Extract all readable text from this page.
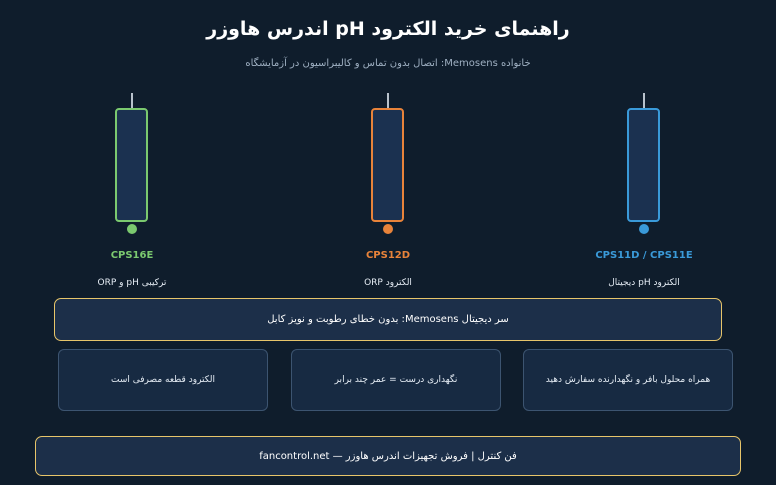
راهنمای خرید الکترود pH اندرس هاوزر
خانواده Memosens: اتصال بدون تماس و کالیبراسیون در آزمایشگاه
CPS16E
ترکیبی pH و ORP
CPS12D
الکترود ORP
CPS11D / CPS11E
الکترود pH دیجیتال
سر دیجیتال Memosens: بدون خطای رطوبت و نویز کابل
الکترود قطعه مصرفی است	نگهداری درست = عمر چند برابر	همراه محلول بافر و نگهدارنده سفارش دهید
فن کنترل | فروش تجهیزات اندرس هاوزر — fancontrol.net
